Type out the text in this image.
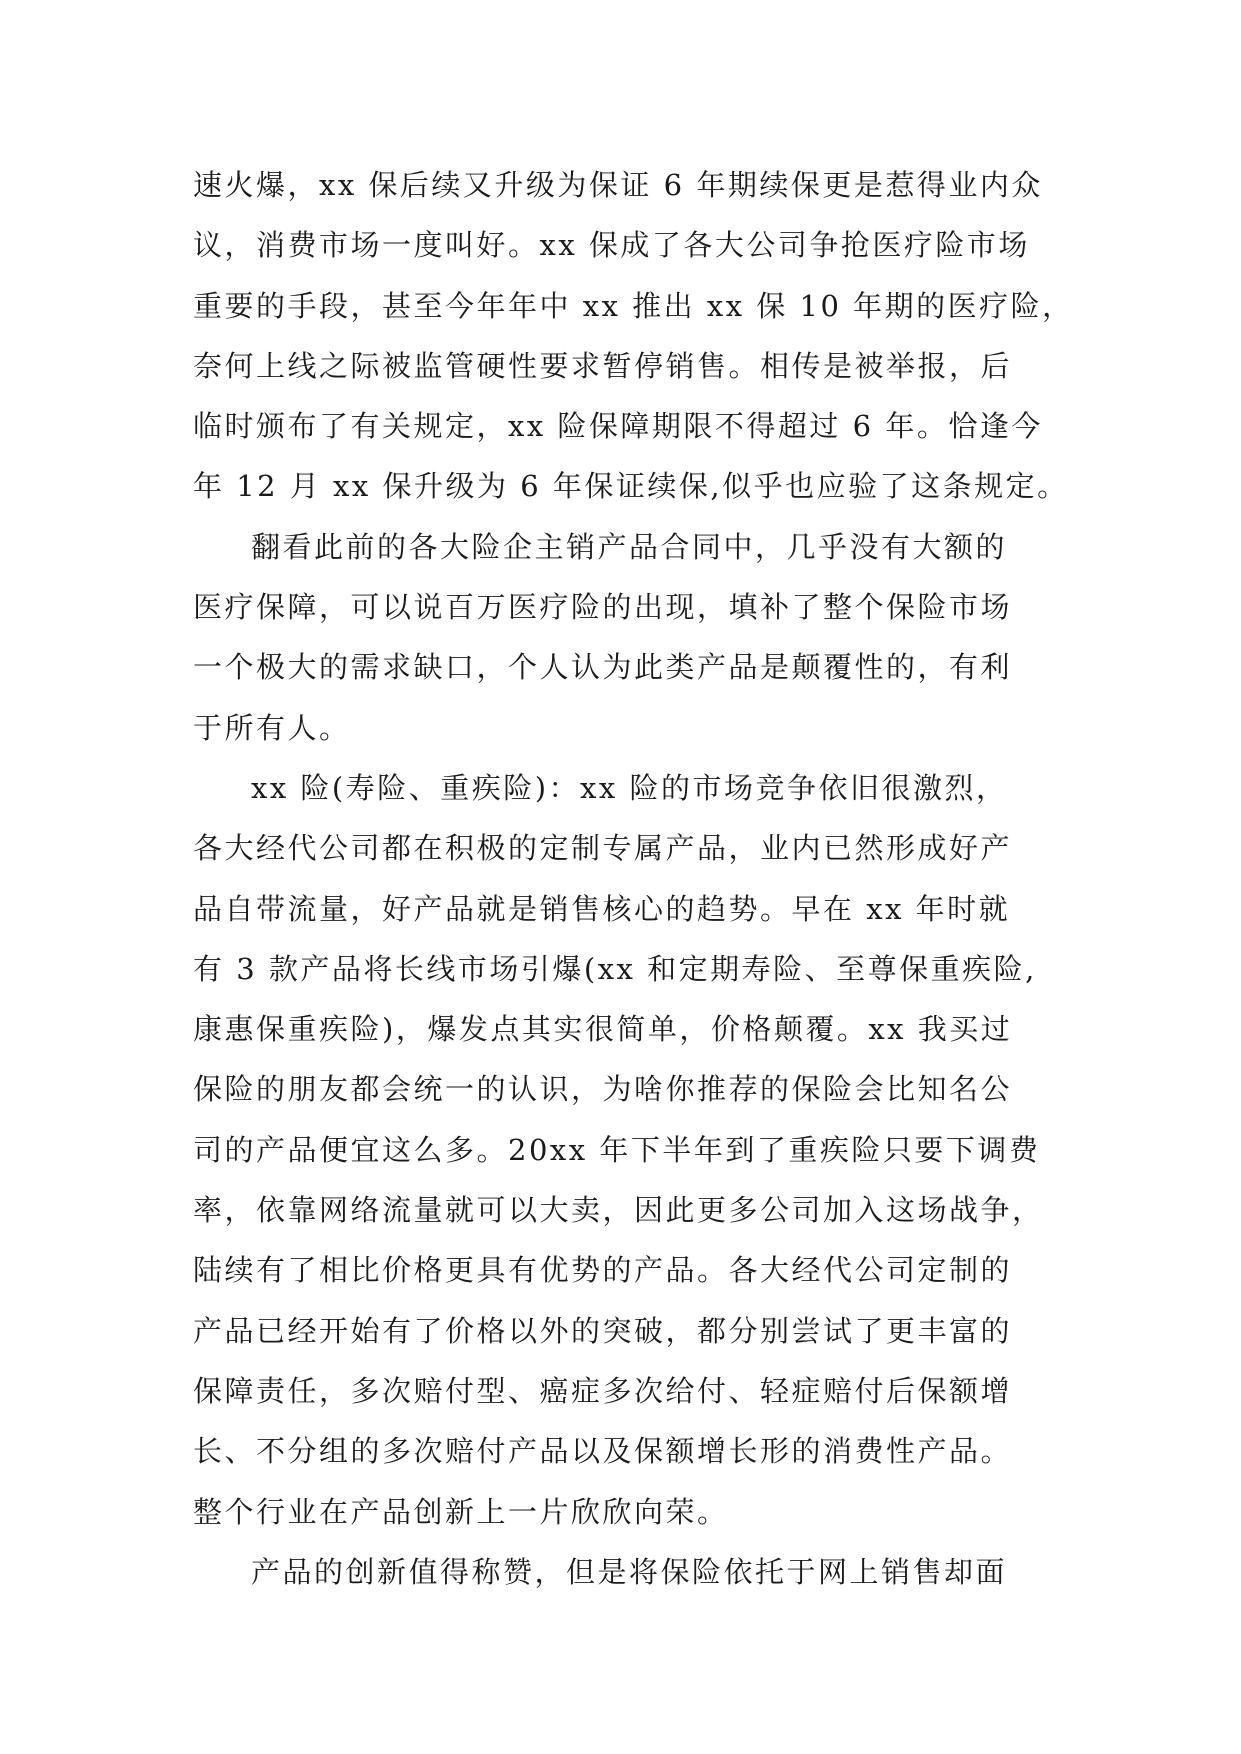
速火爆，xx 保后续又升级为保证 6 年期续保更是惹得业内众
议，消费市场一度叫好。xx 保成了各大公司争抢医疗险市场
重要的手段，甚至今年年中 xx 推出 xx 保 10 年期的医疗险，
奈何上线之际被监管硬性要求暂停销售。相传是被举报，后
临时颁布了有关规定，xx 险保障期限不得超过 6 年。恰逢今
年 12 月 xx 保升级为 6 年保证续保,似乎也应验了这条规定。
翻看此前的各大险企主销产品合同中，几乎没有大额的
医疗保障，可以说百万医疗险的出现，填补了整个保险市场
一个极大的需求缺口，个人认为此类产品是颠覆性的，有利
于所有人。
xx 险(寿险、重疾险)：xx 险的市场竞争依旧很激烈，
各大经代公司都在积极的定制专属产品，业内已然形成好产
品自带流量，好产品就是销售核心的趋势。早在 xx 年时就
有 3 款产品将长线市场引爆(xx 和定期寿险、至尊保重疾险,
康惠保重疾险)，爆发点其实很简单，价格颠覆。xx 我买过
保险的朋友都会统一的认识，为啥你推荐的保险会比知名公
司的产品便宜这么多。20xx 年下半年到了重疾险只要下调费
率，依靠网络流量就可以大卖，因此更多公司加入这场战争，
陆续有了相比价格更具有优势的产品。各大经代公司定制的
产品已经开始有了价格以外的突破，都分别尝试了更丰富的
保障责任，多次赔付型、癌症多次给付、轻症赔付后保额增
长、不分组的多次赔付产品以及保额增长形的消费性产品。
整个行业在产品创新上一片欣欣向荣。
产品的创新值得称赞，但是将保险依托于网上销售却面
